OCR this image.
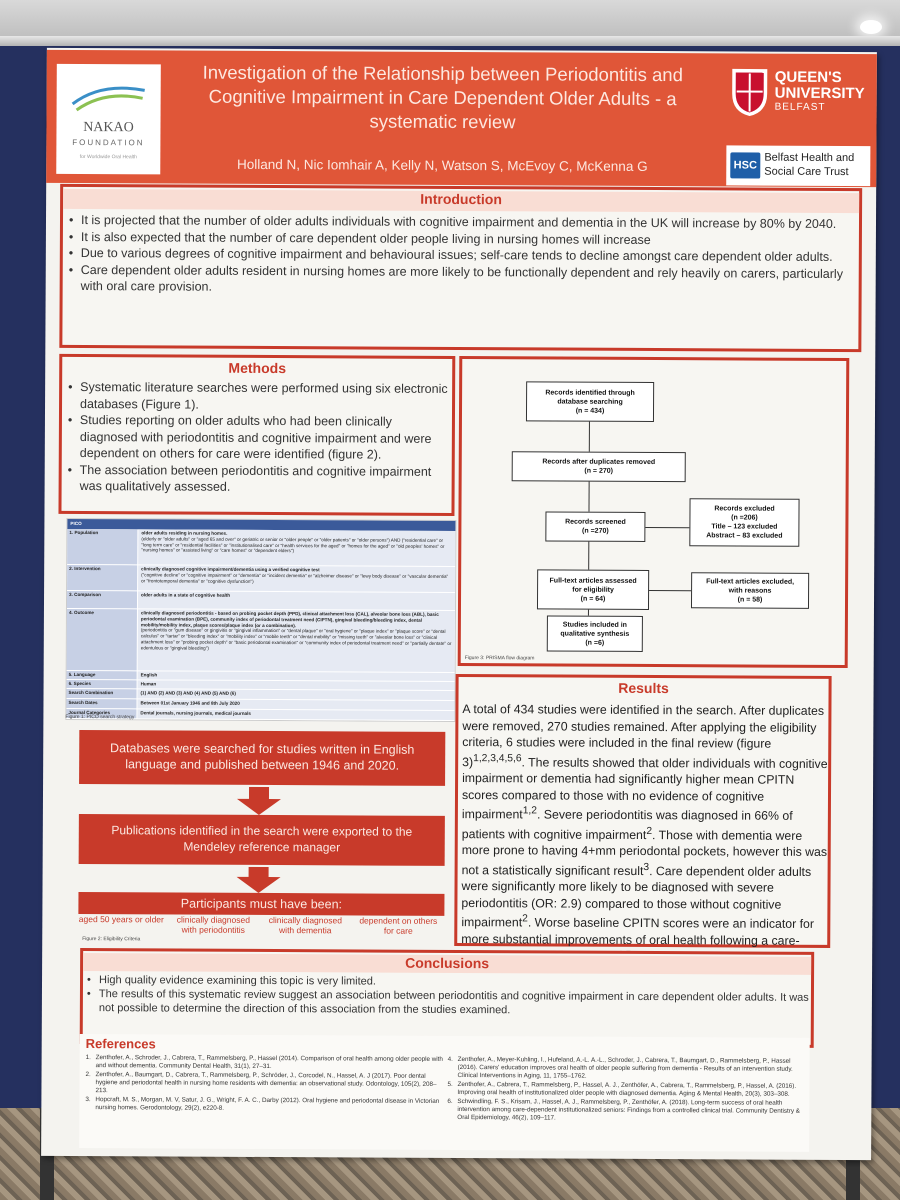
NAKAO
FOUNDATION
for Worldwide Oral Health
Investigation of the Relationship between Periodontitis and Cognitive Impairment in Care Dependent Older Adults - a systematic review
Holland N, Nic Iomhair A, Kelly N, Watson S, McEvoy C, McKenna G
QUEEN'S
UNIVERSITY
BELFAST
HSC
Belfast Health and
Social Care Trust
Introduction
• It is projected that the number of older adults individuals with cognitive impairment and dementia in the UK will increase by 80% by 2040.
• It is also expected that the number of care dependent older people living in nursing homes will increase
• Due to various degrees of cognitive impairment and behavioural issues; self-care tends to decline amongst care dependent older adults.
• Care dependent older adults resident in nursing homes are more likely to be functionally dependent and rely heavily on carers, particularly with oral care provision.
Methods
• Systematic literature searches were performed using six electronic databases (Figure 1).
• Studies reporting on older adults who had been clinically diagnosed with periodontitis and cognitive impairment and were dependent on others for care were identified (figure 2).
• The association between periodontitis and cognitive impairment was qualitatively assessed.
PICO
1. Population	older adults residing in nursing homes.
(elderly or "older adults" or "aged 65 and over" or geriatric or senior or "older people" or "older patients" or "older persons") AND ("residential care" or "long term care" or "residential facilities" or "institutionalised care" or "health services for the aged" or "homes for the aged" or "old peoples' homes" or "nursing homes" or "assisted living" or "care homes" or "dependent elders")
2. Intervention	clinically diagnosed cognitive impairment/dementia using a verified cognitive test
("cognitive decline" or "cognitive impairment" or "dementia" or "incident dementia" or "alzheimer disease" or "lewy body disease" or "vascular dementia" or "frontotemporal dementia" or "cognitive dysfunction")
3. Comparison	older adults in a state of cognitive health
4. Outcome	clinically diagnosed periodontitis - based on probing pocket depth (PPD), clinical attachment loss (CAL), alveolar bone loss (ABL), basic periodontal examination (BPE), community index of periodontal treatment need (CIPTN), gingival bleeding/bleeding index, dental mobility/mobility index, plaque scores/plaque index (or a combination).
(periodontitis or "gum disease" or gingivitis or "gingival inflammation" or "dental plaque" or "oral hygiene" or "plaque index" or "plaque score" or "dental calculus" or "tartar" or "bleeding index" or "mobility index" or "mobile teeth" or "dental mobility" or "missing teeth" or "alveolar bone loss" or "clinical attachment loss" or "probing pocket depth" or "basic periodontal examination" or "community index of periodontal treatment need" or "partially dentate" or edentulous or "gingival bleeding")
5. Language	English
6. Species	Human
Search Combination	(1) AND (2) AND (3) AND (4) AND (5) AND (6)
Search Dates	Between 01st January 1946 and 8th July 2020
Journal Categories	Dental journals, nursing journals, medical journals
Figure 1: PICO search strategy
Databases were searched for studies written in English language and published between 1946 and 2020.
Publications identified in the search were exported to the Mendeley reference manager
Participants must have been:
aged 50 years or older	clinically diagnosed with periodontitis
clinically diagnosed with dementia
dependent on others for care
Figure 2: Eligibility Criteria
Records identified through
database searching
(n = 434)
Records after duplicates removed
(n = 270)
Records screened
(n =270)
Records excluded
(n =206)
Title – 123 excluded
Abstract – 83 excluded
Full-text articles assessed
for eligibility
(n = 64)
Full-text articles excluded,
with reasons
(n = 58)
Studies included in
qualitative synthesis
(n =6)
Figure 3: PRISMA flow diagram
Results
A total of 434 studies were identified in the search. After duplicates were removed, 270 studies remained. After applying the eligibility criteria, 6 studies were included in the final review (figure 3)$^{1,2,3,4,5,6}$. The results showed that older individuals with cognitive impairment or dementia had significantly higher mean CPITN scores compared to those with no evidence of cognitive impairment$^{1,2}$. Severe periodontitis was diagnosed in 66% of patients with cognitive impairment$^2$. Those with dementia were more prone to having 4+mm periodontal pockets, however this was not a statistically significant result$^3$. Care dependent older adults were significantly more likely to be diagnosed with severe periodontitis (OR: 2.9) compared to those without cognitive impairment$^2$. Worse baseline CPITN scores were an indicator for more substantial improvements of oral health following a care-givers
Conclusions
• High quality evidence examining this topic is very limited.
• The results of this systematic review suggest an association between periodontitis and cognitive impairment in care dependent older adults. It was not possible to determine the direction of this association from the studies examined.
References
1. Zenthofer, A., Schroder, J., Cabrera, T., Rammelsberg, P., Hassel (2014). Comparison of oral health among older people with and without dementia. Community Dental Health, 31(1), 27–31.
2. Zenthofer, A., Baumgart, D., Cabrera, T., Rammelsberg, P., Schröder, J., Corcodel, N., Hassel, A. J (2017). Poor dental hygiene and periodontal health in nursing home residents with dementia: an observational study. Odontology, 105(2), 208–213.
3. Hopcraft, M. S., Morgan, M. V, Satur, J. G., Wright, F. A. C., Darby (2012). Oral hygiene and periodontal disease in Victorian nursing homes. Gerodontology, 29(2), e220-8.
4. Zenthofer, A., Meyer-Kuhling, I., Hufeland, A.-L. A.-L., Schroder, J., Cabrera, T., Baumgart, D., Rammelsberg, P., Hassel (2016). Carers' education improves oral health of older people suffering from dementia - Results of an intervention study. Clinical Interventions in Aging, 11, 1755–1762.
5. Zenthofer, A., Cabrera, T., Rammelsberg, P., Hassel, A. J., Zenthöfer, A., Cabrera, T., Rammelsberg, P., Hassel, A. (2016). Improving oral health of institutionalized older people with diagnosed dementia. Aging & Mental Health, 20(3), 303–308.
6. Schwindling, F. S., Krisam, J., Hassel, A. J., Rammelsberg, P., Zenthöfer, A. (2018). Long-term success of oral health intervention among care-dependent institutionalized seniors: Findings from a controlled clinical trial. Community Dentistry & Oral Epidemiology, 46(2), 109–117.
